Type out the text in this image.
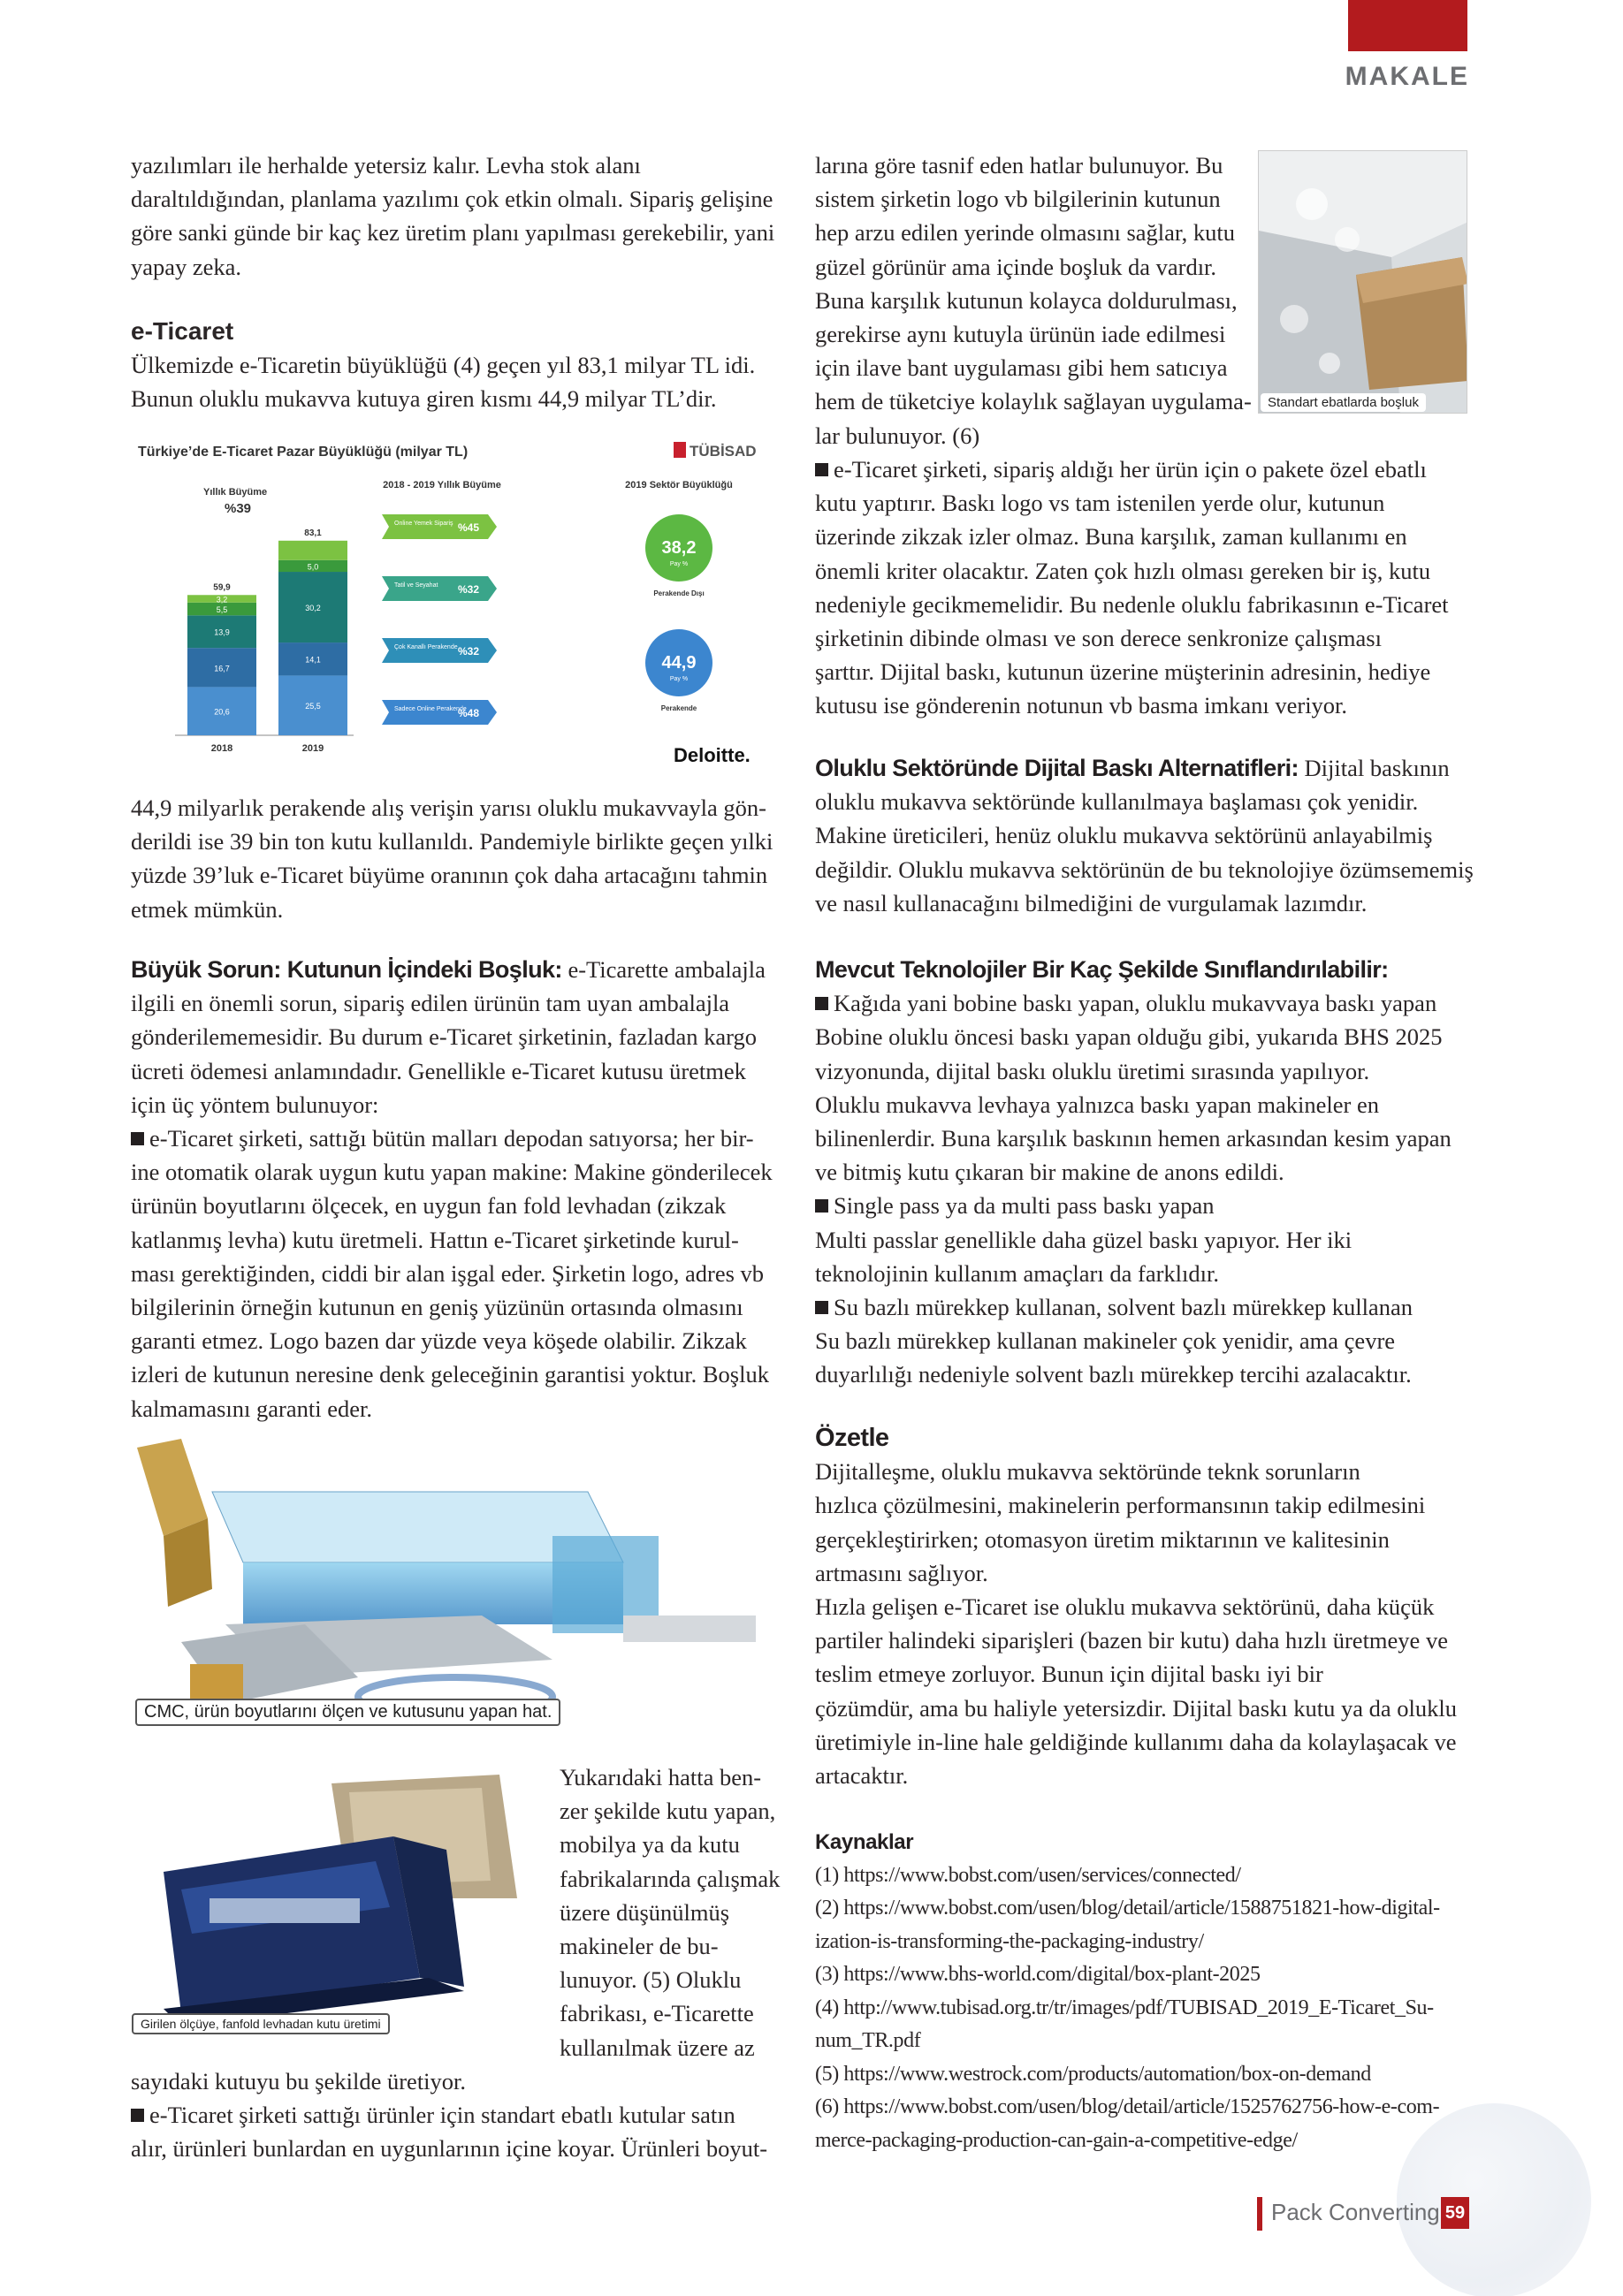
MAKALE

yazılımları ile herhalde yetersiz kalır. Levha stok alanı

daraltıldığından, planlama yazılımı çok etkin olmalı. Sipariş gelişine

göre sanki günde bir kaç kez üretim planı yapılması gerekebilir, yani

yapay zeka.

e-Ticaret

Ülkemizde e-Ticaretin büyüklüğü (4) geçen yıl 83,1 milyar TL idi.

Bunun oluklu mukavva kutuya giren kısmı 44,9 milyar TL’dir.

Türkiye’de E-Ticaret Pazar Büyüklüğü (milyar TL)	TÜBİSAD
Yıllık Büyüme
%39
20,6
16,7
13,9
5,5
3,2
59,9
2018
25,5
14,1
30,2
5,0
83,1
2019
2018 - 2019 Yıllık Büyüme
Online Yemek Sipariş %45
Tatil ve Seyahat %32
Çok Kanallı Perakende %32
Sadece Online Perakende
%48
2019 Sektör Büyüklüğü
38,2
Pay %
Perakende Dışı
44,9
Pay %
Perakende
Deloitte.

44,9 milyarlık perakende alış verişin yarısı oluklu mukavvayla gön-

derildi ise 39 bin ton kutu kullanıldı. Pandemiyle birlikte geçen yılki

yüzde 39’luk e-Ticaret büyüme oranının çok daha artacağını tahmin

etmek mümkün.

Büyük Sorun: Kutunun İçindeki Boşluk: e-Ticarette ambalajla

ilgili en önemli sorun, sipariş edilen ürünün tam uyan ambalajla

gönderilememesidir. Bu durum e-Ticaret şirketinin, fazladan kargo

ücreti ödemesi anlamındadır. Genellikle e-Ticaret kutusu üretmek

için üç yöntem bulunuyor:

e-Ticaret şirketi, sattığı bütün malları depodan satıyorsa; her bir-

ine otomatik olarak uygun kutu yapan makine: Makine gönderilecek

ürünün boyutlarını ölçecek, en uygun fan fold levhadan (zikzak

katlanmış levha) kutu üretmeli. Hattın e-Ticaret şirketinde kurul-

ması gerektiğinden, ciddi bir alan işgal eder. Şirketin logo, adres vb

bilgilerinin örneğin kutunun en geniş yüzünün ortasında olmasını

garanti etmez. Logo bazen dar yüzde veya köşede olabilir. Zikzak

izleri de kutunun neresine denk geleceğinin garantisi yoktur. Boşluk

kalmamasını garanti eder.

CMC, ürün boyutlarını ölçen ve kutusunu yapan hat.
Girilen ölçüye, fanfold levhadan kutu üretimi

Yukarıdaki hatta ben-

zer şekilde kutu yapan,

mobilya ya da kutu

fabrikalarında çalışmak

üzere düşünülmüş

makineler de bu-

lunuyor. (5) Oluklu

fabrikası, e-Ticarette

kullanılmak üzere az

sayıdaki kutuyu bu şekilde üretiyor.

e-Ticaret şirketi sattığı ürünler için standart ebatlı kutular satın

alır, ürünleri bunlardan en uygunlarının içine koyar. Ürünleri boyut-

larına göre tasnif eden hatlar bulunuyor. Bu

sistem şirketin logo vb bilgilerinin kutunun

hep arzu edilen yerinde olmasını sağlar, kutu

güzel görünür ama içinde boşluk da vardır.

Buna karşılık kutunun kolayca doldurulması,

gerekirse aynı kutuyla ürünün iade edilmesi

için ilave bant uygulaması gibi hem satıcıya

hem de tüketciye kolaylık sağlayan uygulama-

lar bulunuyor. (6)

Standart ebatlarda boşluk

e-Ticaret şirketi, sipariş aldığı her ürün için o pakete özel ebatlı

kutu yaptırır. Baskı logo vs tam istenilen yerde olur, kutunun

üzerinde zikzak izler olmaz. Buna karşılık, zaman kullanımı en

önemli kriter olacaktır. Zaten çok hızlı olması gereken bir iş, kutu

nedeniyle gecikmemelidir. Bu nedenle oluklu fabrikasının e-Ticaret

şirketinin dibinde olması ve son derece senkronize çalışması

şarttır. Dijital baskı, kutunun üzerine müşterinin adresinin, hediye

kutusu ise gönderenin notunun vb basma imkanı veriyor.

Oluklu Sektöründe Dijital Baskı Alternatifleri: Dijital baskının

oluklu mukavva sektöründe kullanılmaya başlaması çok yenidir.

Makine üreticileri, henüz oluklu mukavva sektörünü anlayabilmiş

değildir. Oluklu mukavva sektörünün de bu teknolojiye özümsememiş

ve nasıl kullanacağını bilmediğini de vurgulamak lazımdır.

Mevcut Teknolojiler Bir Kaç Şekilde Sınıflandırılabilir:

Kağıda yani bobine baskı yapan, oluklu mukavvaya baskı yapan

Bobine oluklu öncesi baskı yapan olduğu gibi, yukarıda BHS 2025

vizyonunda, dijital baskı oluklu üretimi sırasında yapılıyor.

Oluklu mukavva levhaya yalnızca baskı yapan makineler en

bilinenlerdir. Buna karşılık baskının hemen arkasından kesim yapan

ve bitmiş kutu çıkaran bir makine de anons edildi.

Single pass ya da multi pass baskı yapan

Multi passlar genellikle daha güzel baskı yapıyor. Her iki

teknolojinin kullanım amaçları da farklıdır.

Su bazlı mürekkep kullanan, solvent bazlı mürekkep kullanan

Su bazlı mürekkep kullanan makineler çok yenidir, ama çevre

duyarlılığı nedeniyle solvent bazlı mürekkep tercihi azalacaktır.

Özetle

Dijitalleşme, oluklu mukavva sektöründe teknk sorunların

hızlıca çözülmesini, makinelerin performansının takip edilmesini

gerçekleştirirken; otomasyon üretim miktarının ve kalitesinin

artmasını sağlıyor.

Hızla gelişen e-Ticaret ise oluklu mukavva sektörünü, daha küçük

partiler halindeki siparişleri (bazen bir kutu) daha hızlı üretmeye ve

teslim etmeye zorluyor. Bunun için dijital baskı iyi bir

çözümdür, ama bu haliyle yetersizdir. Dijital baskı kutu ya da oluklu

üretimiyle in-line hale geldiğinde kullanımı daha da kolaylaşacak ve

artacaktır.

Kaynaklar

(1) https://www.bobst.com/usen/services/connected/

(2) https://www.bobst.com/usen/blog/detail/article/1588751821-how-digital-

ization-is-transforming-the-packaging-industry/

(3) https://www.bhs-world.com/digital/box-plant-2025

(4) http://www.tubisad.org.tr/tr/images/pdf/TUBISAD_2019_E-Ticaret_Su-

num_TR.pdf

(5) https://www.westrock.com/products/automation/box-on-demand

(6) https://www.bobst.com/usen/blog/detail/article/1525762756-how-e-com-

merce-packaging-production-can-gain-a-competitive-edge/

Pack Converting 59
